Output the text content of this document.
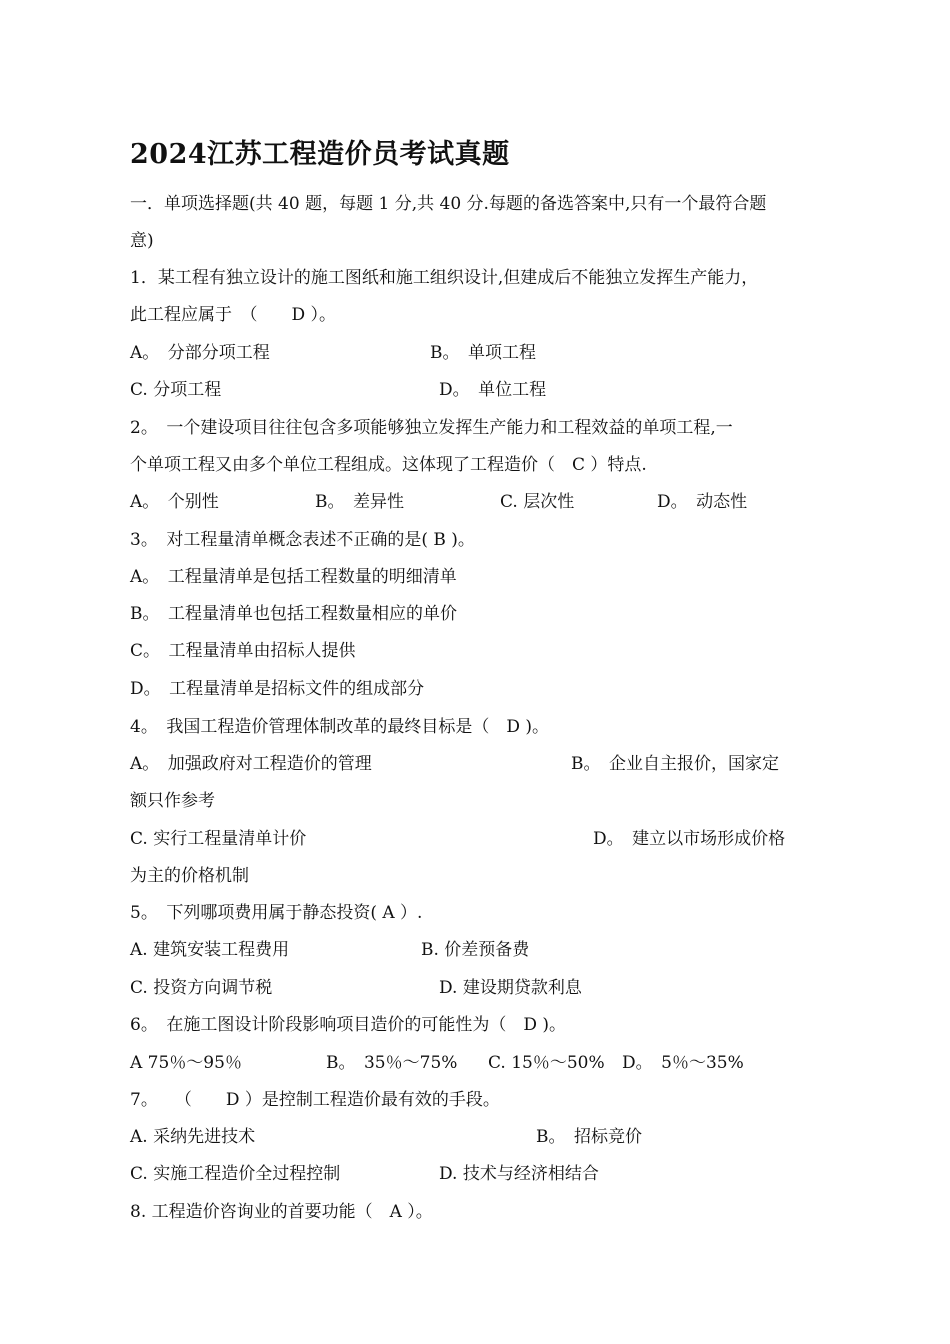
2024江苏工程造价员考试真题
一．单项选择题(共 40 题，每题 1 分,共 40 分.每题的备选答案中,只有一个最符合题
意)
1．某工程有独立设计的施工图纸和施工组织设计,但建成后不能独立发挥生产能力，
此工程应属于　（　　D ）。
A。　分部分项工程	B。　单项工程
C. 分项工程	D。　单位工程
2。　一个建设项目往往包含多项能够独立发挥生产能力和工程效益的单项工程,一
个单项工程又由多个单位工程组成。这体现了工程造价（　C ）特点.
A。　个别性	B。　差异性	C. 层次性	D。　动态性
3。　对工程量清单概念表述不正确的是( B )。
A。　工程量清单是包括工程数量的明细清单
B。　工程量清单也包括工程数量相应的单价
C。　工程量清单由招标人提供
D。　工程量清单是招标文件的组成部分
4。　我国工程造价管理体制改革的最终目标是（　D )。
A。　加强政府对工程造价的管理	B。　企业自主报价，国家定
额只作参考
C. 实行工程量清单计价	D。　建立以市场形成价格
为主的价格机制
5。　下列哪项费用属于静态投资( A ）.
A. 建筑安装工程费用	B. 价差预备费
C. 投资方向调节税	D. 建设期贷款利息
6。　在施工图设计阶段影响项目造价的可能性为（　D )。
A 75％～95％	B。　35％～75% C. 15％～50% D。　5％～35%
7。　　（　　D ）是控制工程造价最有效的手段。
A. 采纳先进技术	B。　招标竞价
C. 实施工程造价全过程控制	D. 技术与经济相结合
8. 工程造价咨询业的首要功能（　A ）。
